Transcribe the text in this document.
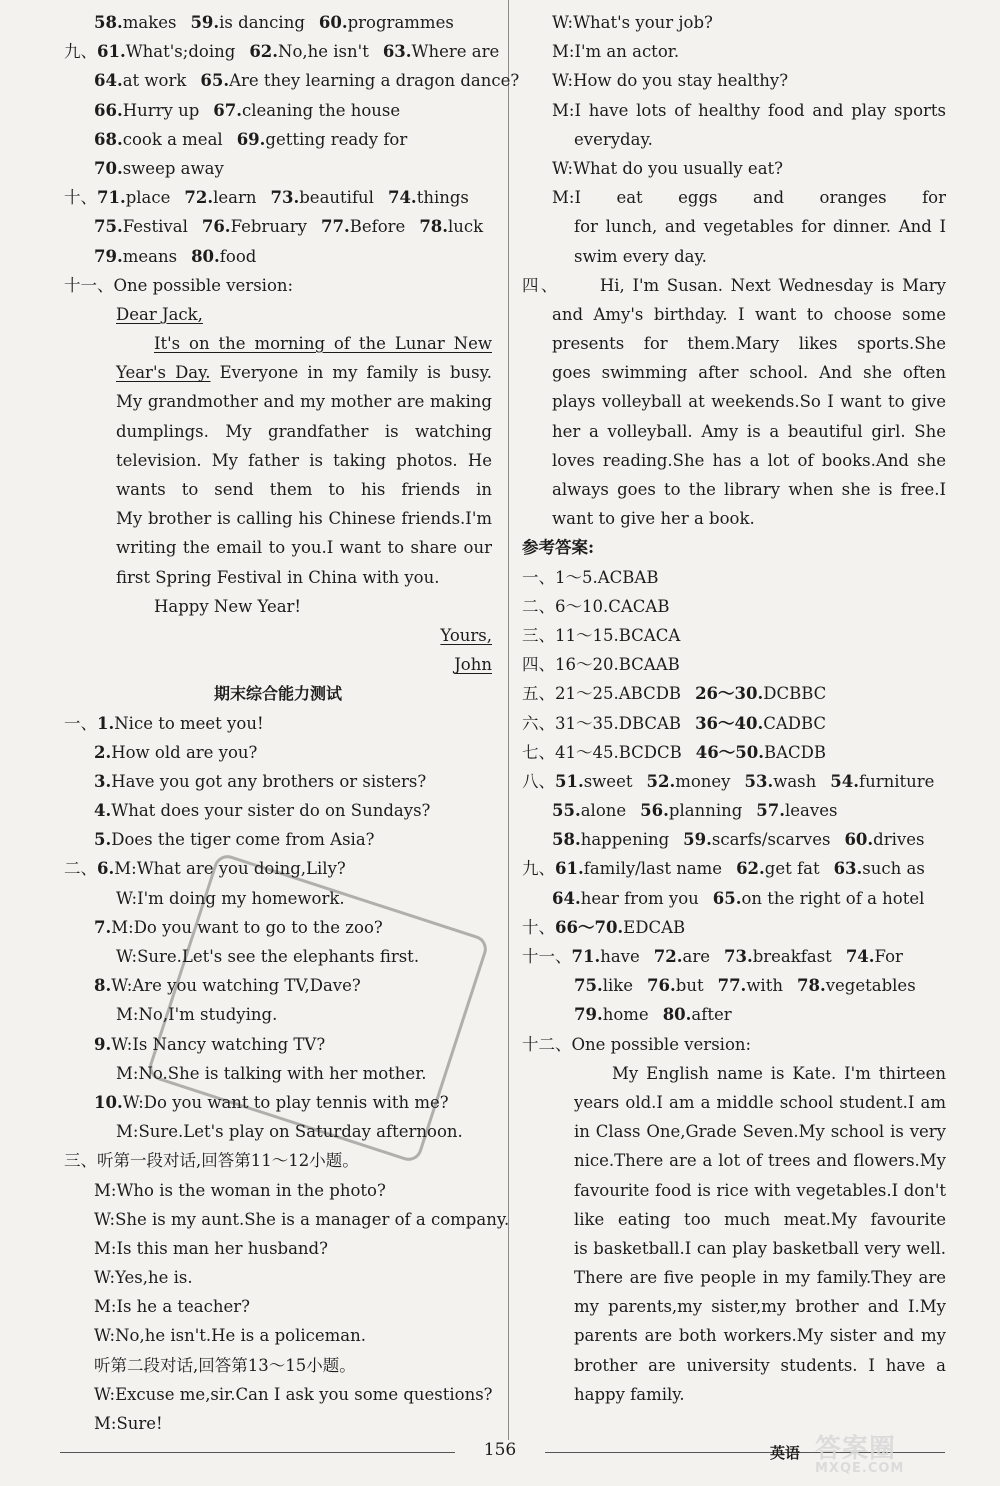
58.makes 59.is dancing 60.programmes
九、61.What's;doing 62.No,he isn't 63.Where are
64.at work 65.Are they learning a dragon dance?
66.Hurry up 67.cleaning the house
68.cook a meal 69.getting ready for
70.sweep away
十、71.place 72.learn 73.beautiful 74.things
75.Festival 76.February 77.Before 78.luck
79.means 80.food
十一、One possible version:
Dear Jack,
It's on the morning of the Lunar New
Year's Day. Everyone in my family is busy.
My grandmother and my mother are making
dumplings. My grandfather is watching
television. My father is taking photos. He
wants to send them to his friends in
My brother is calling his Chinese friends.I'm
writing the email to you.I want to share our
first Spring Festival in China with you.
Happy New Year!
Yours,
John
期末综合能力测试
一、1.Nice to meet you!
2.How old are you?
3.Have you got any brothers or sisters?
4.What does your sister do on Sundays?
5.Does the tiger come from Asia?
二、6.M:What are you doing,Lily?
W:I'm doing my homework.
7.M:Do you want to go to the zoo?
W:Sure.Let's see the elephants first.
8.W:Are you watching TV,Dave?
M:No,I'm studying.
9.W:Is Nancy watching TV?
M:No.She is talking with her mother.
10.W:Do you want to play tennis with me?
M:Sure.Let's play on Saturday afternoon.
三、听第一段对话,回答第11～12小题。
M:Who is the woman in the photo?
W:She is my aunt.She is a manager of a company.
M:Is this man her husband?
W:Yes,he is.
M:Is he a teacher?
W:No,he isn't.He is a policeman.
听第二段对话,回答第13～15小题。
W:Excuse me,sir.Can I ask you some questions?
M:Sure!
W:What's your job?
M:I'm an actor.
W:How do you stay healthy?
M:I have lots of healthy food and play sports
everyday.
W:What do you usually eat?
M:I eat eggs and oranges for
for lunch, and vegetables for dinner. And I
swim every day.
四、 Hi, I'm Susan. Next Wednesday is Mary
and Amy's birthday. I want to choose some
presents for them.Mary likes sports.She
goes swimming after school. And she often
plays volleyball at weekends.So I want to give
her a volleyball. Amy is a beautiful girl. She
loves reading.She has a lot of books.And she
always goes to the library when she is free.I
want to give her a book.
参考答案:
一、1～5.ACBAB
二、6～10.CACAB
三、11～15.BCACA
四、16～20.BCAAB
五、21～25.ABCDB 26～30.DCBBC
六、31～35.DBCAB 36～40.CADBC
七、41～45.BCDCB 46～50.BACDB
八、51.sweet 52.money 53.wash 54.furniture
55.alone 56.planning 57.leaves
58.happening 59.scarfs/scarves 60.drives
九、61.family/last name 62.get fat 63.such as
64.hear from you 65.on the right of a hotel
十、66～70.EDCAB
十一、71.have 72.are 73.breakfast 74.For
75.like 76.but 77.with 78.vegetables
79.home 80.after
十二、One possible version:
My English name is Kate. I'm thirteen
years old.I am a middle school student.I am
in Class One,Grade Seven.My school is very
nice.There are a lot of trees and flowers.My
favourite food is rice with vegetables.I don't
like eating too much meat.My favourite
is basketball.I can play basketball very well.
There are five people in my family.They are
my parents,my sister,my brother and I.My
parents are both workers.My sister and my
brother are university students. I have a
happy family.
156	英语 答案圈
MXQE.COM
